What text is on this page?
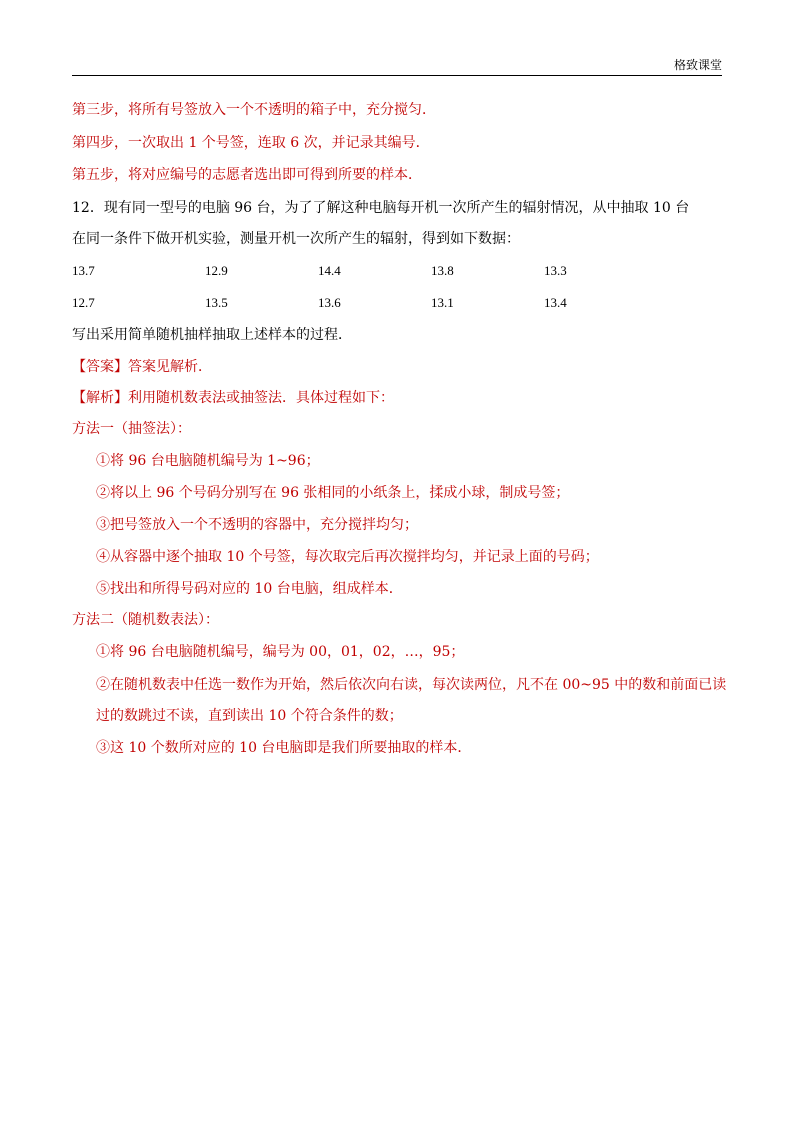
格致课堂
第三步，将所有号签放入一个不透明的箱子中，充分搅匀．
第四步，一次取出 1 个号签，连取 6 次，并记录其编号．
第五步，将对应编号的志愿者选出即可得到所要的样本．
12．现有同一型号的电脑 96 台，为了了解这种电脑每开机一次所产生的辐射情况，从中抽取 10 台
在同一条件下做开机实验，测量开机一次所产生的辐射，得到如下数据：
13.7	12.9	14.4	13.8	13.3
12.7	13.5	13.6	13.1	13.4
写出采用简单随机抽样抽取上述样本的过程．
【答案】答案见解析．
【解析】利用随机数表法或抽签法．具体过程如下：
方法一（抽签法）：
①将 96 台电脑随机编号为 1~96；
②将以上 96 个号码分别写在 96 张相同的小纸条上，揉成小球，制成号签；
③把号签放入一个不透明的容器中，充分搅拌均匀；
④从容器中逐个抽取 10 个号签，每次取完后再次搅拌均匀，并记录上面的号码；
⑤找出和所得号码对应的 10 台电脑，组成样本．
方法二（随机数表法）：
①将 96 台电脑随机编号，编号为 00，01，02，…，95；
②在随机数表中任选一数作为开始，然后依次向右读，每次读两位，凡不在 00~95 中的数和前面已读
过的数跳过不读，直到读出 10 个符合条件的数；
③这 10 个数所对应的 10 台电脑即是我们所要抽取的样本．
